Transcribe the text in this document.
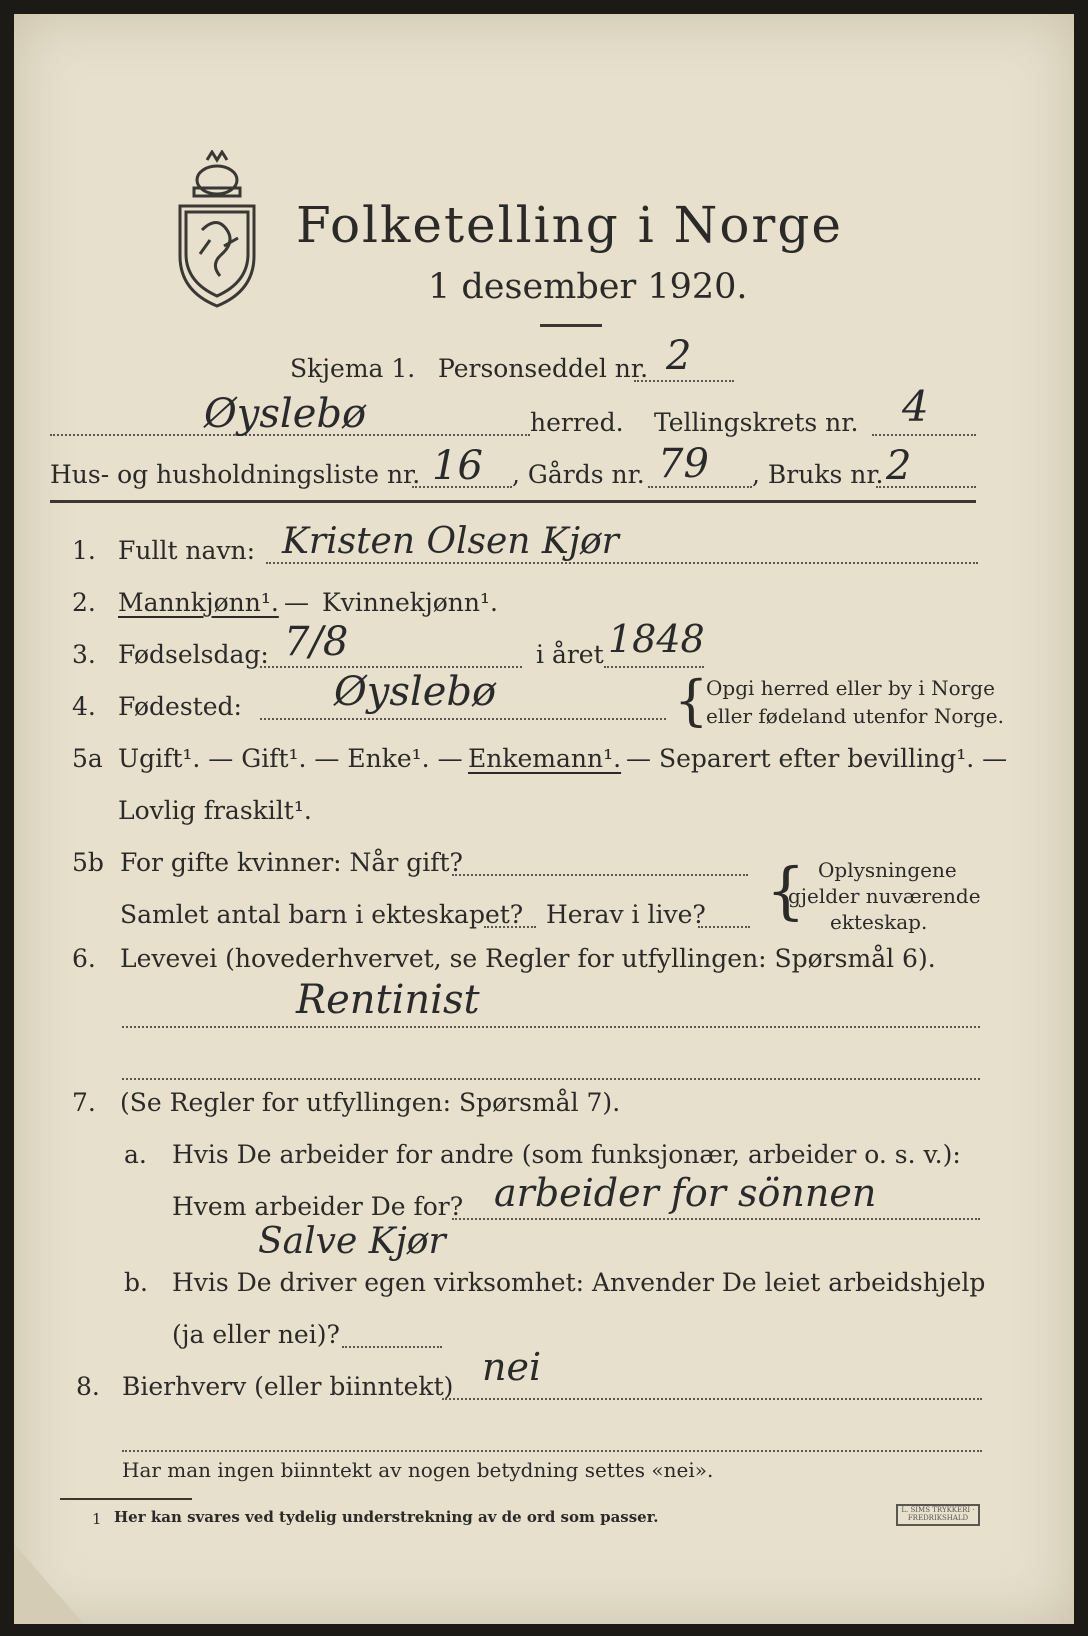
Folketelling i Norge
1 desember 1920.
Skjema 1. Personseddel nr. 2
Øyslebø	herred. Tellingskrets nr. 4
Hus- og husholdningsliste nr. 16 , Gårds nr. 79 , Bruks nr. 2
1. Fullt navn: Kristen Olsen Kjør
2. Mannkjønn¹. — Kvinnekjønn¹.
3. Fødselsdag: 7/8	i året 1848
4. Fødested: Øyslebø	{
Opgi herred eller by i Norge
eller fødeland utenfor Norge.
5a Ugift¹. — Gift¹. — Enke¹. — Enkemann¹. — Separert efter bevilling¹. —
Lovlig fraskilt¹.
5b For gifte kvinner: Når gift?
Samlet antal barn i ekteskapet? Herav i live? { Oplysningene
gjelder nuværende
ekteskap.
6. Levevei (hovederhvervet, se Regler for utfyllingen: Spørsmål 6).
Rentinist
7. (Se Regler for utfyllingen: Spørsmål 7).
a. Hvis De arbeider for andre (som funksjonær, arbeider o. s. v.):
Hvem arbeider De for? arbeider for sönnen
Salve Kjør
b. Hvis De driver egen virksomhet: Anvender De leiet arbeidshjelp
(ja eller nei)?
8. Bierhverv (eller biinntekt) nei
Har man ingen biinntekt av nogen betydning settes «nei».
1 Her kan svares ved tydelig understrekning av de ord som passer.	L. SIMS TRYKKERI · FREDRIKSHALD
